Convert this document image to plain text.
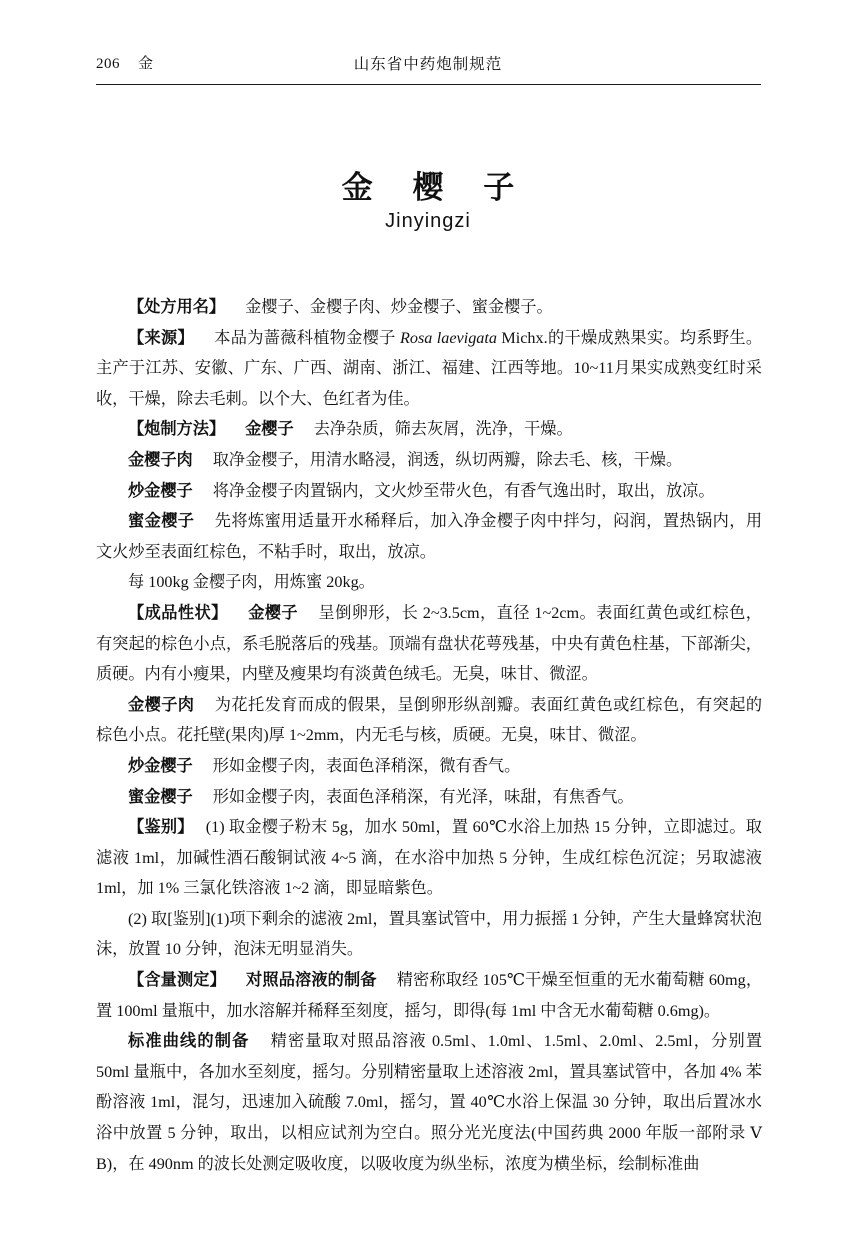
206 金	山东省中药炮制规范
金 樱 子
Jinyingzi

【处方用名】 金樱子、金樱子肉、炒金樱子、蜜金樱子。

【来源】 本品为蔷薇科植物金樱子 Rosa laevigata Michx.的干燥成熟果实。均系野生。主产于江苏、安徽、广东、广西、湖南、浙江、福建、江西等地。10~11月果实成熟变红时采收，干燥，除去毛刺。以个大、色红者为佳。

【炮制方法】 金樱子 去净杂质，筛去灰屑，洗净，干燥。

金樱子肉 取净金樱子，用清水略浸，润透，纵切两瓣，除去毛、核，干燥。

炒金樱子 将净金樱子肉置锅内，文火炒至带火色，有香气逸出时，取出，放凉。

蜜金樱子 先将炼蜜用适量开水稀释后，加入净金樱子肉中拌匀，闷润，置热锅内，用文火炒至表面红棕色，不粘手时，取出，放凉。

每 100kg 金樱子肉，用炼蜜 20kg。

【成品性状】 金樱子 呈倒卵形，长 2~3.5cm，直径 1~2cm。表面红黄色或红棕色，有突起的棕色小点，系毛脱落后的残基。顶端有盘状花萼残基，中央有黄色柱基，下部渐尖，质硬。内有小瘦果，内壁及瘦果均有淡黄色绒毛。无臭，味甘、微涩。

金樱子肉 为花托发育而成的假果，呈倒卵形纵剖瓣。表面红黄色或红棕色，有突起的棕色小点。花托壁(果肉)厚 1~2mm，内无毛与核，质硬。无臭，味甘、微涩。

炒金樱子 形如金樱子肉，表面色泽稍深，微有香气。

蜜金樱子 形如金樱子肉，表面色泽稍深，有光泽，味甜，有焦香气。

【鉴别】 (1) 取金樱子粉末 5g，加水 50ml，置 60℃水浴上加热 15 分钟，立即滤过。取滤液 1ml，加碱性酒石酸铜试液 4~5 滴，在水浴中加热 5 分钟，生成红棕色沉淀；另取滤液 1ml，加 1% 三氯化铁溶液 1~2 滴，即显暗紫色。

(2) 取[鉴别](1)项下剩余的滤液 2ml，置具塞试管中，用力振摇 1 分钟，产生大量蜂窝状泡沫，放置 10 分钟，泡沫无明显消失。

【含量测定】 对照品溶液的制备 精密称取经 105℃干燥至恒重的无水葡萄糖 60mg，置 100ml 量瓶中，加水溶解并稀释至刻度，摇匀，即得(每 1ml 中含无水葡萄糖 0.6mg)。

标准曲线的制备 精密量取对照品溶液 0.5ml、1.0ml、1.5ml、2.0ml、2.5ml，分别置 50ml 量瓶中，各加水至刻度，摇匀。分别精密量取上述溶液 2ml，置具塞试管中，各加 4% 苯酚溶液 1ml，混匀，迅速加入硫酸 7.0ml，摇匀，置 40℃水浴上保温 30 分钟，取出后置冰水浴中放置 5 分钟，取出，以相应试剂为空白。照分光光度法(中国药典 2000 年版一部附录 Ⅴ B)，在 490nm 的波长处测定吸收度，以吸收度为纵坐标，浓度为横坐标，绘制标准曲
